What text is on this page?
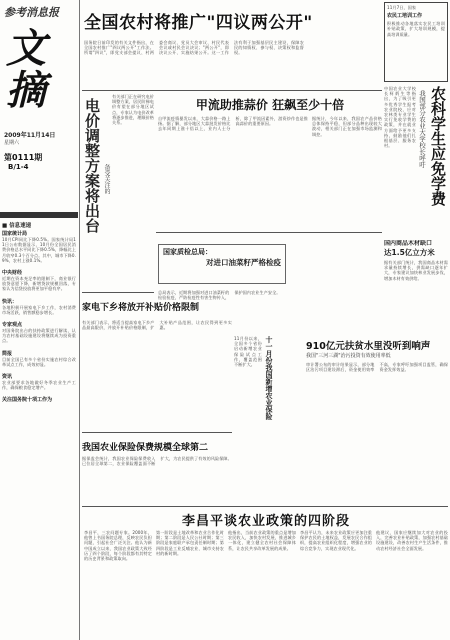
参考消息报
文摘
2009年11月14日
星期六
第0111期
B/1-4
■ 信息速递
国家统计局
10月CPI同比下降0.5%。国家统计局11日公布数据显示，10月份全国居民消费价格总水平同比下降0.5%，降幅比上月收窄0.3个百分点。其中，城市下降0.9%，农村上涨0.1%。
中央财经
近期在资本充足率的限制下，商业银行放贷意愿下降，新增贷款规模回落，专家认为信贷投放将更加平稳有序。
快讯：
各地积极开展家电下乡工作，农村消费市场活跃，销售额稳步增长。
专家观点
对国务院出台的扶持政策进行解读，认为农村基础设施建设将继续成为投资重点。
简报
目前全国已有多个省份实施农村综合改革试点工作，成效初显。
资讯
农业部要求各地做好冬季农业生产工作，确保粮食稳定增产。
关注国务院十项工作为
全国农村将推广"四议两公开"
国务院日前印发的有关文件指出，在全国农村推广"四议两公开"工作法。所谓"四议"，即党支部会提议、村两委会商议、党员大会审议、村民代表会议或村民会议决议；"两公开"，即决议公开、实施结果公开。这一工作法有利于加强基层民主建设，保障农民的知情权、参与权、决策权和监督权。
11月7日，国家
农民工培训工作
积极推动各地落实农民工培训补贴政策，扩大培训规模，提高培训质量。
农科学生应免学费
我国部分农业大学校长呼吁
中国农业大学校长柯炳生等指出，为了吸引更多优秀学生报考农业院校，应对农林类专业学生实行免收学费的政策，并在就业方面给予更多支持，鼓励他们扎根基层、服务农村。
电价调整方案将出台 备受关注的
有关部门正在研究电价调整方案，居民阶梯电价有望在部分地区试点，专家认为电价改革将逐步推进，理顺价格关系。
甲流助推蒜价 狂飙至少十倍
自甲流疫情暴发以来，大蒜价格一路上扬。据了解，部分地区大蒜批发价格比去年同期上涨十倍以上，业内人士分析，除了甲流因素外，游资炒作也是推高蒜价的重要原因。
据统计，今年以来，我国农产品价格总体保持平稳，但部分品种出现较大波动，相关部门正在加强市场监测和调控。
国家质检总局：
对进口油菜籽严格检疫
总局表示，近期将加强对进口油菜籽的检验检疫，严防检疫性有害生物传入，保护国内农业生产安全。
国内商品木材缺口
达1.5亿立方米
据有关部门统计，我国商品木材需求量持续增长，供需缺口逐年扩大，专家建议加快林业发展步伐，增加木材有效供给。
家电下乡将放开补贴价格限制
有关部门表示，将适当提高家电下乡产品最高限价，并放开补贴价格限制，扩大补贴产品范围，让农民得到更多实惠。
十一月份我国新增农业保险
11月份以来，全国多个省份启动新增农业保险试点工作，覆盖范围不断扩大。
910亿元扶贫水里没听到响声
我国"三河三湖"治污投资有效使用率低
审计署公布的审计结果显示，部分地区治污项目建设滞后，资金使用效率不高，专家呼吁加强项目监管，确保资金发挥效益。
我国农业保险保费规模全球第二
据保监会统计，我国农业保险保费收入已位居全球第二，农业保险覆盖面不断扩大，为农民提供了有效的风险保障。
李昌平谈农业政策的四阶段
李昌平，三农问题专家。2000年，他曾上书国务院总理，反映农民负担问题，引起社会广泛关注。他认为新中国成立以来，我国农业政策大致经历了四个阶段，每个阶段都有其特定的历史背景和政策取向。
第一阶段是土地改革和农业合作化时期；第二阶段是人民公社时期；第三阶段是家庭联产承包责任制时期；第四阶段是工业反哺农业、城市支持农村的新时期。
他指出，当前农业政策的重点是增加农民收入，加快农村发展，推进城乡一体化，建立健全农村社会保障体系，让农民共享改革发展的成果。
李昌平认为，未来农业政策应更加注重保护农民的土地权益，发展农民合作组织，提高农业组织化程度，增强农业的综合竞争力，实现农业现代化。
他建议，国家应继续加大对农业的投入，完善农业补贴政策，加强农村基础设施建设，改善农村生产生活条件，推动农村经济社会全面发展。
